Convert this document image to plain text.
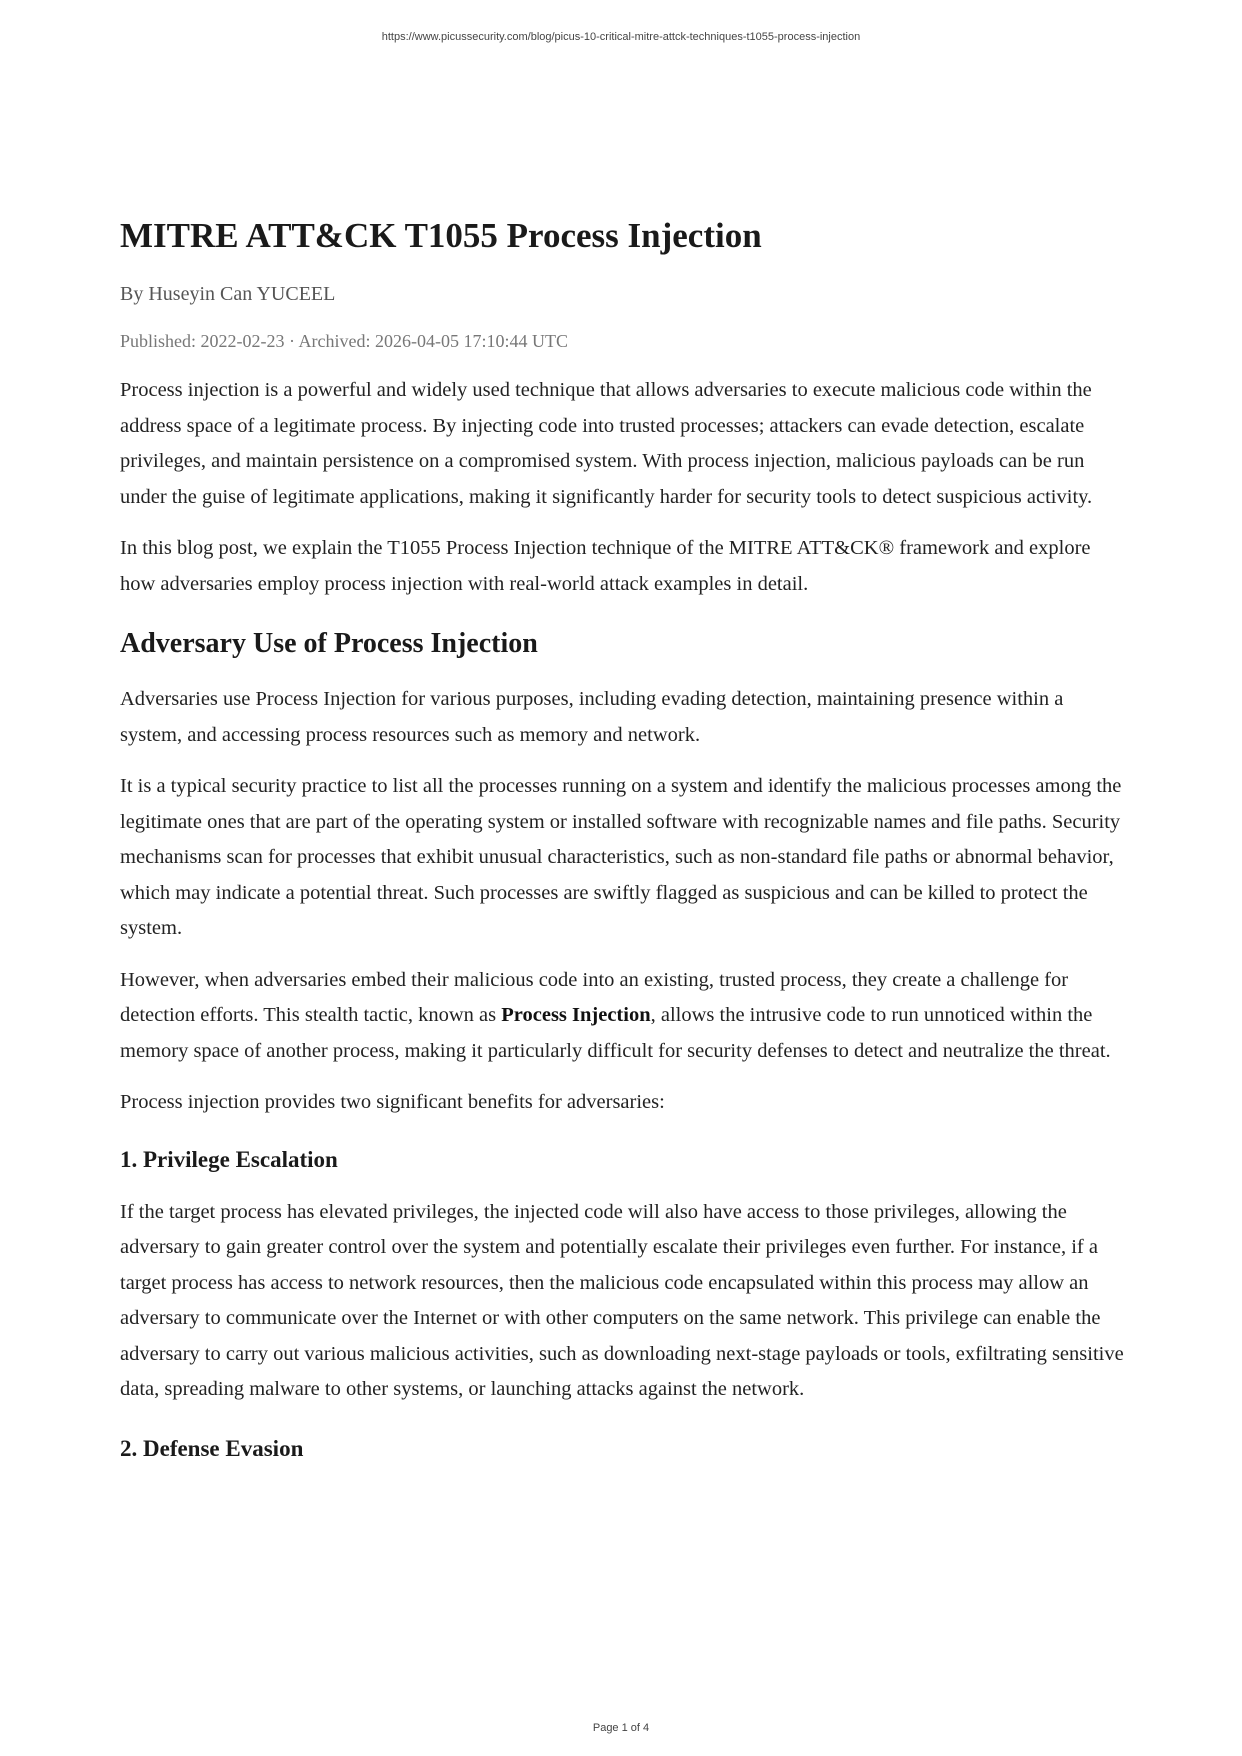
https://www.picussecurity.com/blog/picus-10-critical-mitre-attck-techniques-t1055-process-injection
MITRE ATT&CK T1055 Process Injection
By Huseyin Can YUCEEL
Published: 2022-02-23 · Archived: 2026-04-05 17:10:44 UTC

Process injection is a powerful and widely used technique that allows adversaries to execute malicious code within the address space of a legitimate process. By injecting code into trusted processes; attackers can evade detection, escalate privileges, and maintain persistence on a compromised system. With process injection, malicious payloads can be run under the guise of legitimate applications, making it significantly harder for security tools to detect suspicious activity.

In this blog post, we explain the T1055 Process Injection technique of the MITRE ATT&CK® framework and explore how adversaries employ process injection with real-world attack examples in detail.

Adversary Use of Process Injection

Adversaries use Process Injection for various purposes, including evading detection, maintaining presence within a system, and accessing process resources such as memory and network.

It is a typical security practice to list all the processes running on a system and identify the malicious processes among the legitimate ones that are part of the operating system or installed software with recognizable names and file paths. Security mechanisms scan for processes that exhibit unusual characteristics, such as non-standard file paths or abnormal behavior, which may indicate a potential threat. Such processes are swiftly flagged as suspicious and can be killed to protect the system.

However, when adversaries embed their malicious code into an existing, trusted process, they create a challenge for detection efforts. This stealth tactic, known as Process Injection, allows the intrusive code to run unnoticed within the memory space of another process, making it particularly difficult for security defenses to detect and neutralize the threat.

Process injection provides two significant benefits for adversaries:

1. Privilege Escalation

If the target process has elevated privileges, the injected code will also have access to those privileges, allowing the adversary to gain greater control over the system and potentially escalate their privileges even further. For instance, if a target process has access to network resources, then the malicious code encapsulated within this process may allow an adversary to communicate over the Internet or with other computers on the same network. This privilege can enable the adversary to carry out various malicious activities, such as downloading next-stage payloads or tools, exfiltrating sensitive data, spreading malware to other systems, or launching attacks against the network.

2. Defense Evasion
Page 1 of 4
